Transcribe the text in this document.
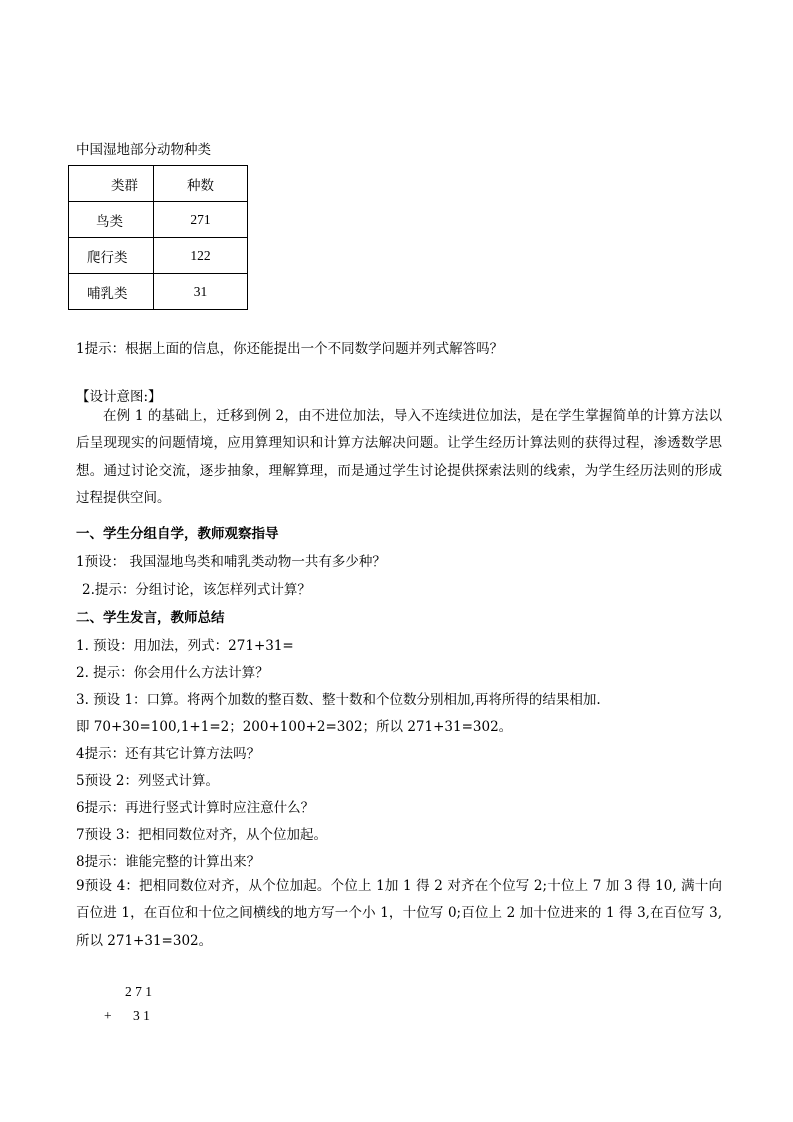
中国湿地部分动物种类
类群	种数
鸟类	271
爬行类	122
哺乳类	31
1提示：根据上面的信息，你还能提出一个不同数学问题并列式解答吗？
【设计意图:】
在例 1 的基础上，迁移到例 2，由不进位加法，导入不连续进位加法，是在学生掌握简单的计算方法以后呈现现实的问题情境，应用算理知识和计算方法解决问题。让学生经历计算法则的获得过程，渗透数学思想。通过讨论交流，逐步抽象，理解算理，而是通过学生讨论提供探索法则的线索，为学生经历法则的形成过程提供空间。
一、学生分组自学，教师观察指导
1预设： 我国湿地鸟类和哺乳类动物一共有多少种？
2.提示：分组讨论，该怎样列式计算？
二、学生发言，教师总结
1. 预设：用加法，列式：271+31=
2. 提示：你会用什么方法计算？
3. 预设 1：口算。将两个加数的整百数、整十数和个位数分别相加,再将所得的结果相加.
即 70+30=100,1+1=2；200+100+2=302；所以 271+31=302。
4提示：还有其它计算方法吗？
5预设 2：列竖式计算。
6提示：再进行竖式计算时应注意什么？
7预设 3：把相同数位对齐，从个位加起。
8提示：谁能完整的计算出来？
9预设 4：把相同数位对齐，从个位加起。个位上 1加 1 得 2 对齐在个位写 2;十位上 7 加 3 得 10, 满十向百位进 1，在百位和十位之间横线的地方写一个小 1，十位写 0;百位上 2 加十位进来的 1 得 3,在百位写 3,所以 271+31=302。
2 7 1
+ 3 1
